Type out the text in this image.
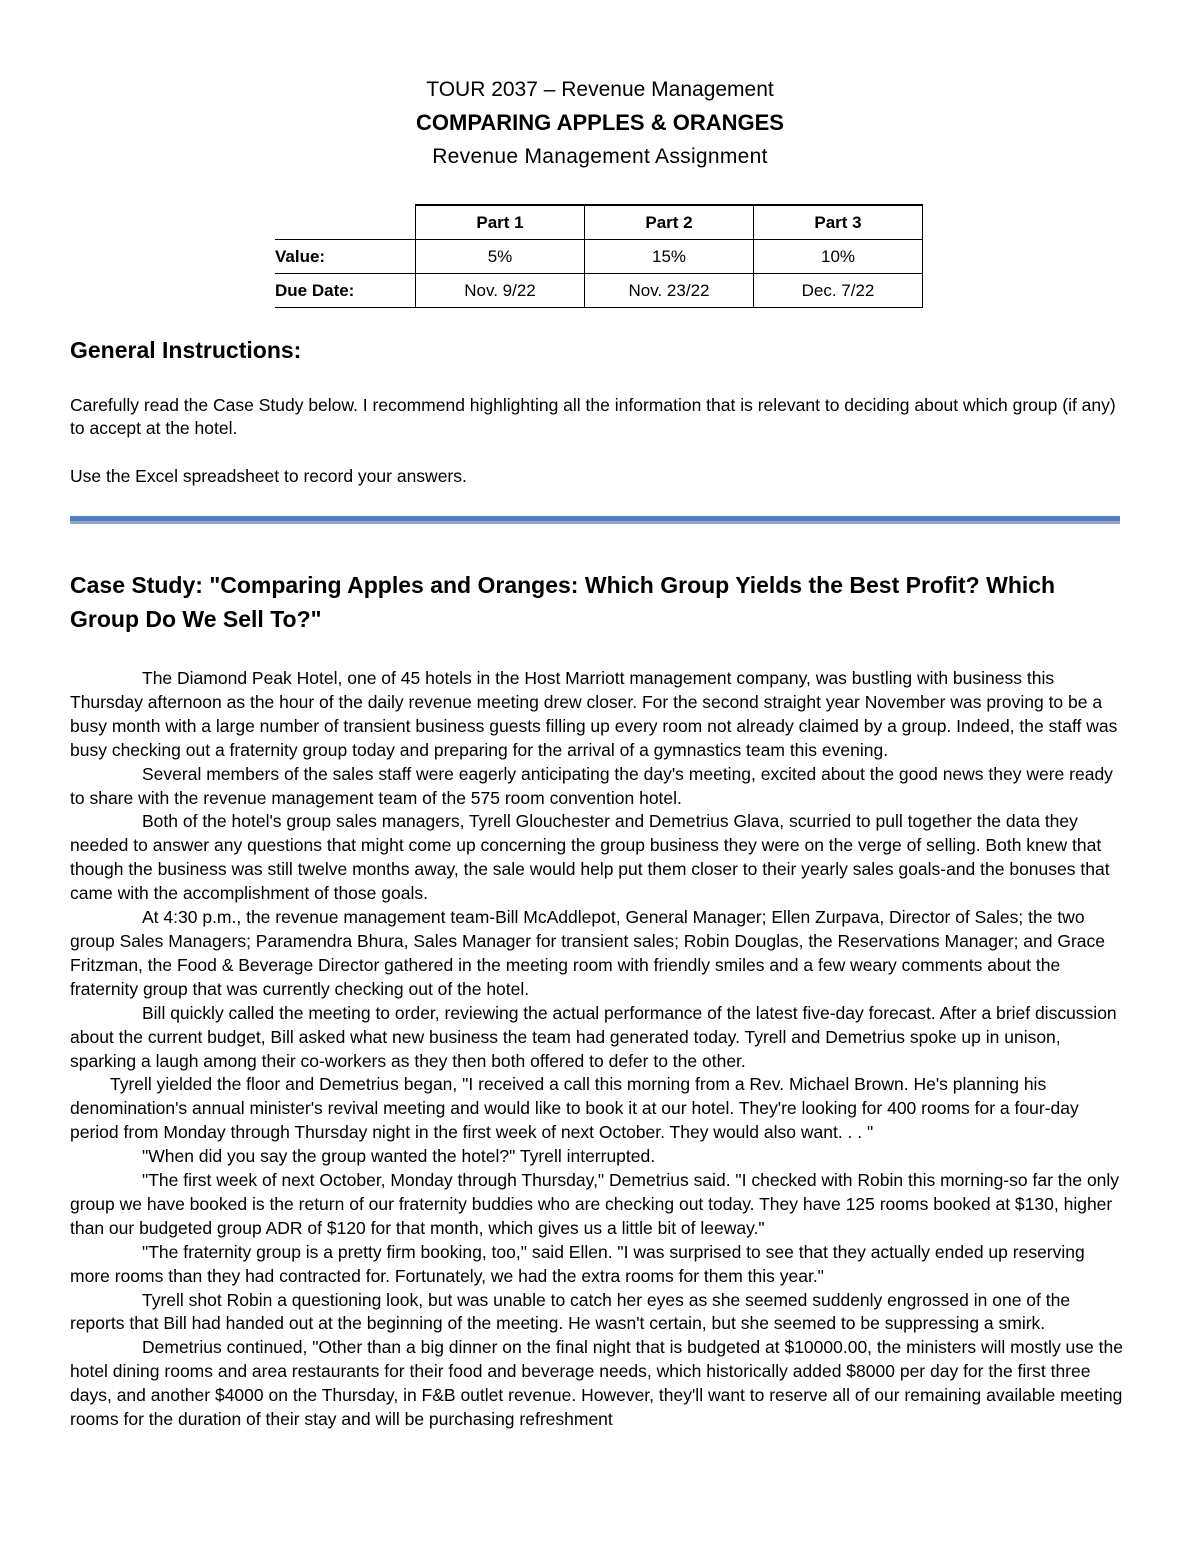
TOUR 2037 – Revenue Management
COMPARING APPLES & ORANGES
Revenue Management Assignment
	Part 1	Part 2	Part 3
Value:	5%	15%	10%
Due Date:	Nov. 9/22	Nov. 23/22	Dec. 7/22
General Instructions:
Carefully read the Case Study below. I recommend highlighting all the information that is relevant to deciding about which group (if any) to accept at the hotel.
Use the Excel spreadsheet to record your answers.
Case Study: "Comparing Apples and Oranges: Which Group Yields the Best Profit? Which Group Do We Sell To?"

The Diamond Peak Hotel, one of 45 hotels in the Host Marriott management company, was bustling with business this Thursday afternoon as the hour of the daily revenue meeting drew closer. For the second straight year November was proving to be a busy month with a large number of transient business guests filling up every room not already claimed by a group. Indeed, the staff was busy checking out a fraternity group today and preparing for the arrival of a gymnastics team this evening.

Several members of the sales staff were eagerly anticipating the day's meeting, excited about the good news they were ready to share with the revenue management team of the 575 room convention hotel.

Both of the hotel's group sales managers, Tyrell Glouchester and Demetrius Glava, scurried to pull together the data they needed to answer any questions that might come up concerning the group business they were on the verge of selling. Both knew that though the business was still twelve months away, the sale would help put them closer to their yearly sales goals-and the bonuses that came with the accomplishment of those goals.

At 4:30 p.m., the revenue management team-Bill McAddlepot, General Manager; Ellen Zurpava, Director of Sales; the two group Sales Managers; Paramendra Bhura, Sales Manager for transient sales; Robin Douglas, the Reservations Manager; and Grace Fritzman, the Food & Beverage Director gathered in the meeting room with friendly smiles and a few weary comments about the fraternity group that was currently checking out of the hotel.

Bill quickly called the meeting to order, reviewing the actual performance of the latest five-day forecast. After a brief discussion about the current budget, Bill asked what new business the team had generated today. Tyrell and Demetrius spoke up in unison, sparking a laugh among their co-workers as they then both offered to defer to the other.

Tyrell yielded the floor and Demetrius began, "I received a call this morning from a Rev. Michael Brown. He's planning his denomination's annual minister's revival meeting and would like to book it at our hotel. They're looking for 400 rooms for a four-day period from Monday through Thursday night in the first week of next October. They would also want. . . "

"When did you say the group wanted the hotel?" Tyrell interrupted.

"The first week of next October, Monday through Thursday," Demetrius said. "I checked with Robin this morning-so far the only group we have booked is the return of our fraternity buddies who are checking out today. They have 125 rooms booked at $130, higher than our budgeted group ADR of $120 for that month, which gives us a little bit of leeway."

"The fraternity group is a pretty firm booking, too," said Ellen. "I was surprised to see that they actually ended up reserving more rooms than they had contracted for. Fortunately, we had the extra rooms for them this year."

Tyrell shot Robin a questioning look, but was unable to catch her eyes as she seemed suddenly engrossed in one of the reports that Bill had handed out at the beginning of the meeting. He wasn't certain, but she seemed to be suppressing a smirk.

Demetrius continued, "Other than a big dinner on the final night that is budgeted at $10000.00, the ministers will mostly use the hotel dining rooms and area restaurants for their food and beverage needs, which historically added $8000 per day for the first three days, and another $4000 on the Thursday, in F&B outlet revenue. However, they'll want to reserve all of our remaining available meeting rooms for the duration of their stay and will be purchasing refreshment
